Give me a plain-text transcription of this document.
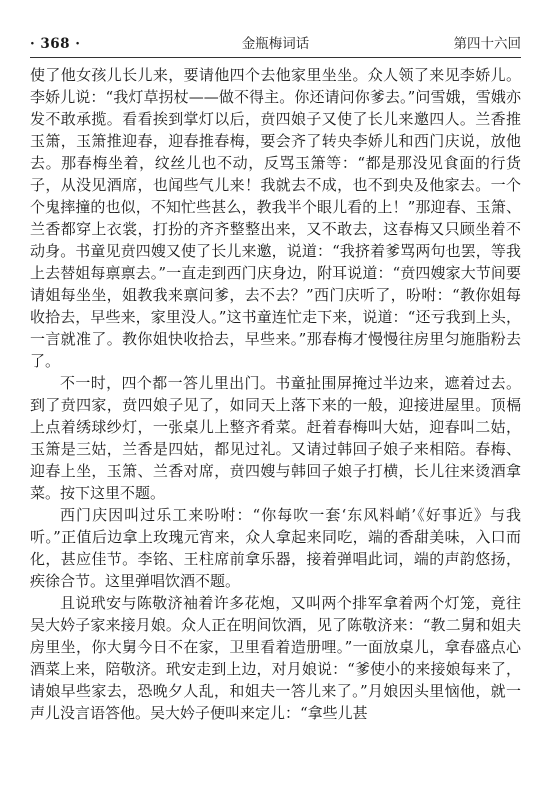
· 368 ·	金瓶梅词话	第四十六回

使了他女孩儿长儿来，要请他四个去他家里坐坐。众人领了来见李娇儿。李娇儿说：“我灯草拐杖——做不得主。你还请问你爹去。”问雪娥，雪娥亦发不敢承揽。看看挨到掌灯以后，贲四娘子又使了长儿来邀四人。兰香推玉箫，玉箫推迎春，迎春推春梅，要会齐了转央李娇儿和西门庆说，放他去。那春梅坐着，纹丝儿也不动，反骂玉箫等：“都是那没见食面的行货子，从没见酒席，也闻些气儿来！我就去不成，也不到央及他家去。一个个鬼摔撞的也似，不知忙些甚么，教我半个眼儿看的上！”那迎春、玉箫、兰香都穿上衣裳，打扮的齐齐整整出来，又不敢去，这春梅又只顾坐着不动身。书童见贲四嫂又使了长儿来邀，说道：“我挤着爹骂两句也罢，等我上去替姐每禀禀去。”一直走到西门庆身边，附耳说道：“贲四嫂家大节间要请姐每坐坐，姐教我来禀问爹，去不去？”西门庆听了，吩咐：“教你姐每收拾去，早些来，家里没人。”这书童连忙走下来，说道：“还亏我到上头，一言就准了。教你姐快收拾去，早些来。”那春梅才慢慢往房里匀施脂粉去了。

不一时，四个都一答儿里出门。书童扯围屏掩过半边来，遮着过去。到了贲四家，贲四娘子见了，如同天上落下来的一般，迎接进屋里。顶槅上点着绣球纱灯，一张桌儿上整齐肴菜。赶着春梅叫大姑，迎春叫二姑，玉箫是三姑，兰香是四姑，都见过礼。又请过韩回子娘子来相陪。春梅、迎春上坐，玉箫、兰香对席，贲四嫂与韩回子娘子打横，长儿往来烫酒拿菜。按下这里不题。

西门庆因叫过乐工来吩咐：“你每吹一套‘东风料峭’《好事近》与我听。”正值后边拿上玫瑰元宵来，众人拿起来同吃，端的香甜美味，入口而化，甚应佳节。李铭、王柱席前拿乐器，接着弹唱此词，端的声韵悠扬，疾徐合节。这里弹唱饮酒不题。

且说玳安与陈敬济袖着许多花炮，又叫两个排军拿着两个灯笼，竟往吴大妗子家来接月娘。众人正在明间饮酒，见了陈敬济来：“教二舅和姐夫房里坐，你大舅今日不在家，卫里看着造册哩。”一面放桌儿，拿春盛点心酒菜上来，陪敬济。玳安走到上边，对月娘说：“爹使小的来接娘每来了，请娘早些家去，恐晚夕人乱，和姐夫一答儿来了。”月娘因头里恼他，就一声儿没言语答他。吴大妗子便叫来定儿：“拿些儿甚
